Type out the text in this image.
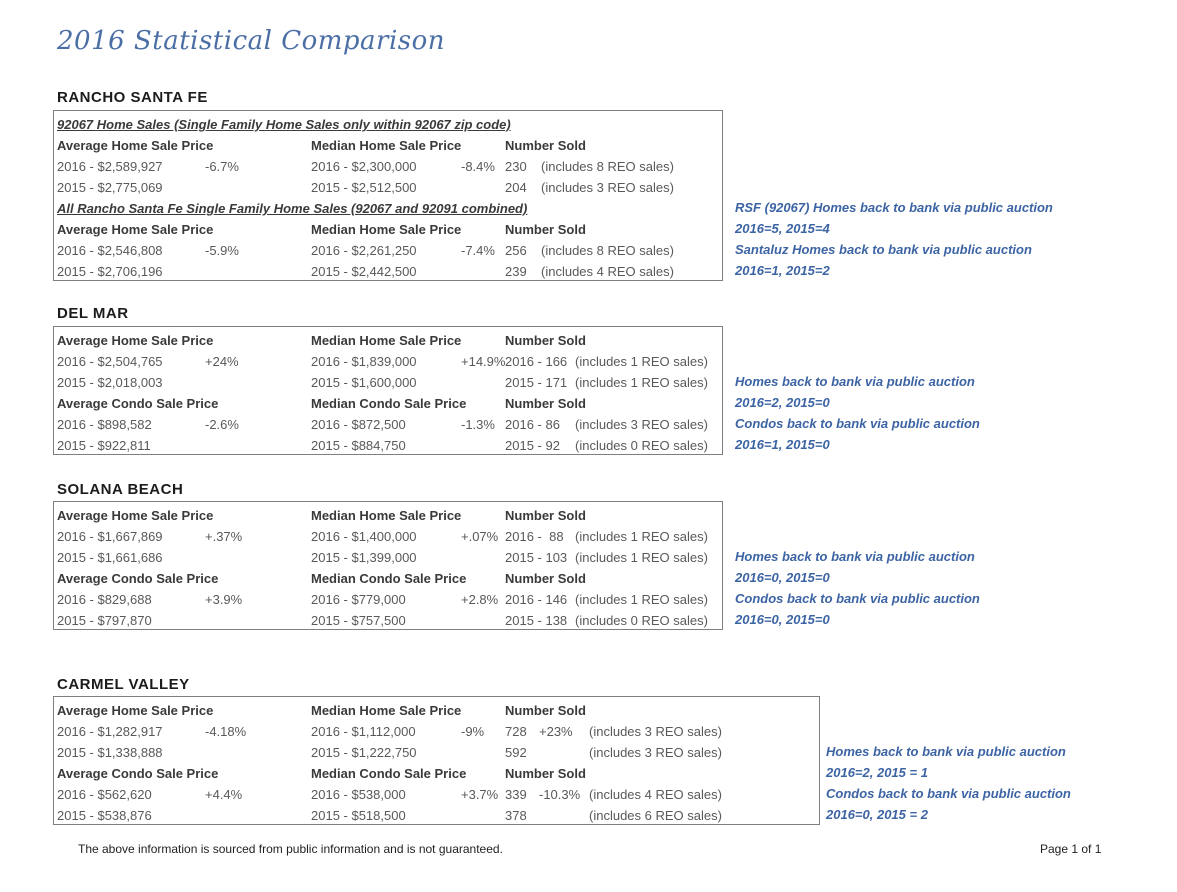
2016 Statistical Comparison
RANCHO SANTA FE
92067 Home Sales (Single Family Home Sales only within 92067 zip code)
Average Home Sale Price	Median Home Sale Price	Number Sold
2016 - $2,589,927	-6.7%	2016 - $2,300,000	-8.4% 230 (includes 8 REO sales)
2015 - $2,775,069	2015 - $2,512,500	204 (includes 3 REO sales)
All Rancho Santa Fe Single Family Home Sales (92067 and 92091 combined)
Average Home Sale Price	Median Home Sale Price	Number Sold
2016 - $2,546,808	-5.9%	2016 - $2,261,250	-7.4% 256 (includes 8 REO sales)
2015 - $2,706,196	2015 - $2,442,500	239 (includes 4 REO sales)
RSF (92067) Homes back to bank via public auction
2016=5, 2015=4
Santaluz Homes back to bank via public auction
2016=1, 2015=2
DEL MAR
Average Home Sale Price	Median Home Sale Price	Number Sold
2016 - $2,504,765	+24%	2016 - $1,839,000	+14.9% 2016 - 166 (includes 1 REO sales)
2015 - $2,018,003	2015 - $1,600,000	2015 - 171 (includes 1 REO sales)
Average Condo Sale Price	Median Condo Sale Price	Number Sold
2016 - $898,582	-2.6%	2016 - $872,500	-1.3% 2016 - 86 (includes 3 REO sales)
2015 - $922,811	2015 - $884,750	2015 - 92 (includes 0 REO sales)
Homes back to bank via public auction
2016=2, 2015=0
Condos back to bank via public auction
2016=1, 2015=0
SOLANA BEACH
Average Home Sale Price	Median Home Sale Price	Number Sold
2016 - $1,667,869	+.37%	2016 - $1,400,000	+.07% 2016 -  88 (includes 1 REO sales)
2015 - $1,661,686	2015 - $1,399,000	2015 - 103 (includes 1 REO sales)
Average Condo Sale Price	Median Condo Sale Price	Number Sold
2016 - $829,688	+3.9%	2016 - $779,000	+2.8% 2016 - 146 (includes 1 REO sales)
2015 - $797,870	2015 - $757,500	2015 - 138 (includes 0 REO sales)
Homes back to bank via public auction
2016=0, 2015=0
Condos back to bank via public auction
2016=0, 2015=0
CARMEL VALLEY
Average Home Sale Price	Median Home Sale Price	Number Sold
2016 - $1,282,917	-4.18%	2016 - $1,112,000	-9% 728 +23% (includes 3 REO sales)
2015 - $1,338,888	2015 - $1,222,750	592	(includes 3 REO sales)
Average Condo Sale Price	Median Condo Sale Price	Number Sold
2016 - $562,620	+4.4%	2016 - $538,000	+3.7% 339 -10.3% (includes 4 REO sales)
2015 - $538,876	2015 - $518,500	378	(includes 6 REO sales)
Homes back to bank via public auction
2016=2, 2015 = 1
Condos back to bank via public auction
2016=0, 2015 = 2
The above information is sourced from public information and is not guaranteed.	Page 1 of 1
